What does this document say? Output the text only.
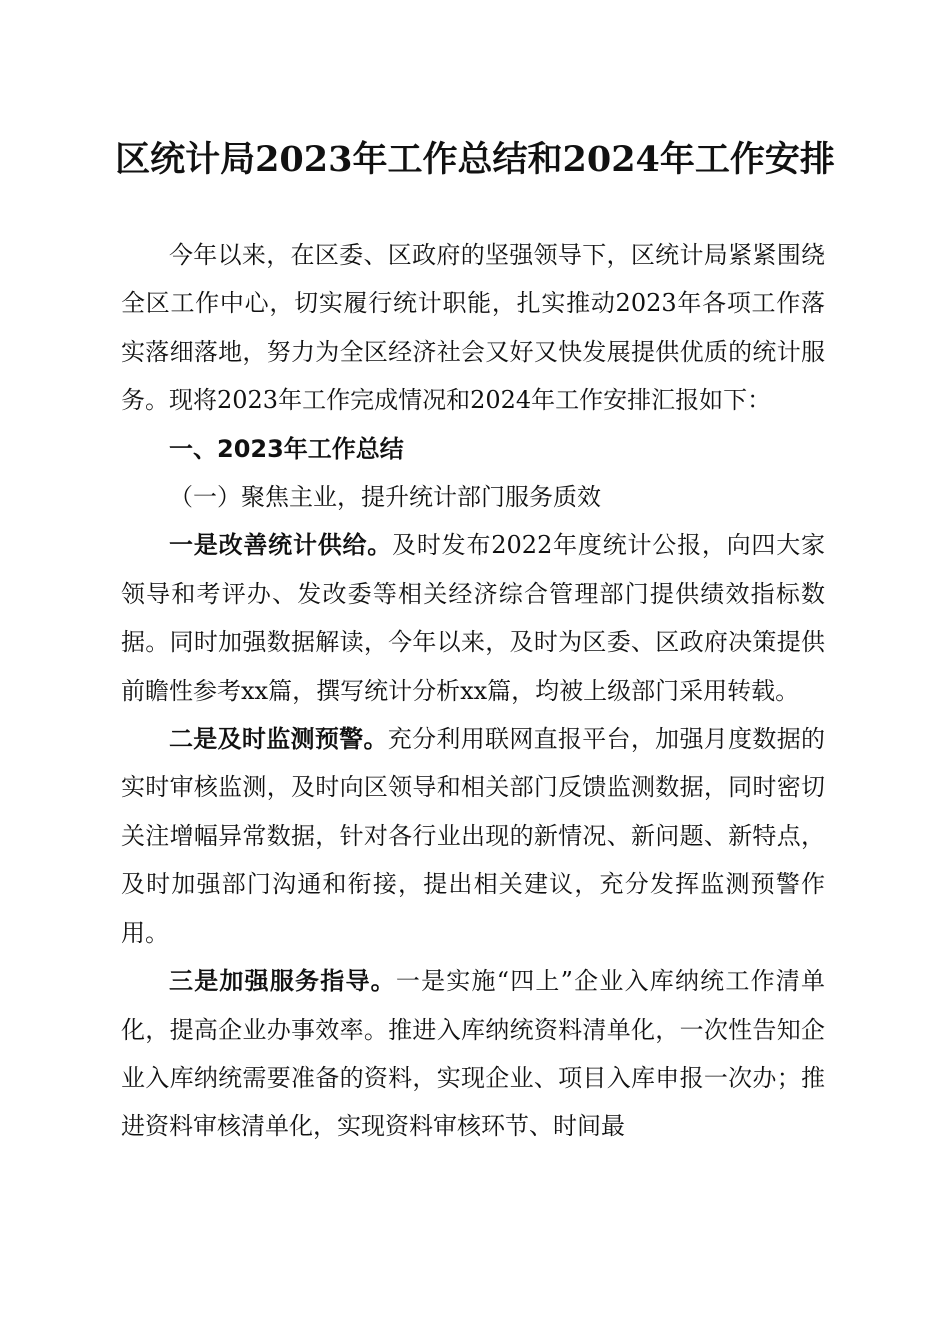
区统计局2023年工作总结和2024年工作安排

今年以来，在区委、区政府的坚强领导下，区统计局紧紧围绕全区工作中心，切实履行统计职能，扎实推动2023年各项工作落实落细落地，努力为全区经济社会又好又快发展提供优质的统计服务。现将2023年工作完成情况和2024年工作安排汇报如下：

一、2023年工作总结

（一）聚焦主业，提升统计部门服务质效

一是改善统计供给。及时发布2022年度统计公报，向四大家领导和考评办、发改委等相关经济综合管理部门提供绩效指标数据。同时加强数据解读，今年以来，及时为区委、区政府决策提供前瞻性参考xx篇，撰写统计分析xx篇，均被上级部门采用转载。

二是及时监测预警。充分利用联网直报平台，加强月度数据的实时审核监测，及时向区领导和相关部门反馈监测数据，同时密切关注增幅异常数据，针对各行业出现的新情况、新问题、新特点，及时加强部门沟通和衔接，提出相关建议，充分发挥监测预警作用。

三是加强服务指导。一是实施“四上”企业入库纳统工作清单化，提高企业办事效率。推进入库纳统资料清单化，一次性告知企业入库纳统需要准备的资料，实现企业、项目入库申报一次办；推进资料审核清单化，实现资料审核环节、时间最
